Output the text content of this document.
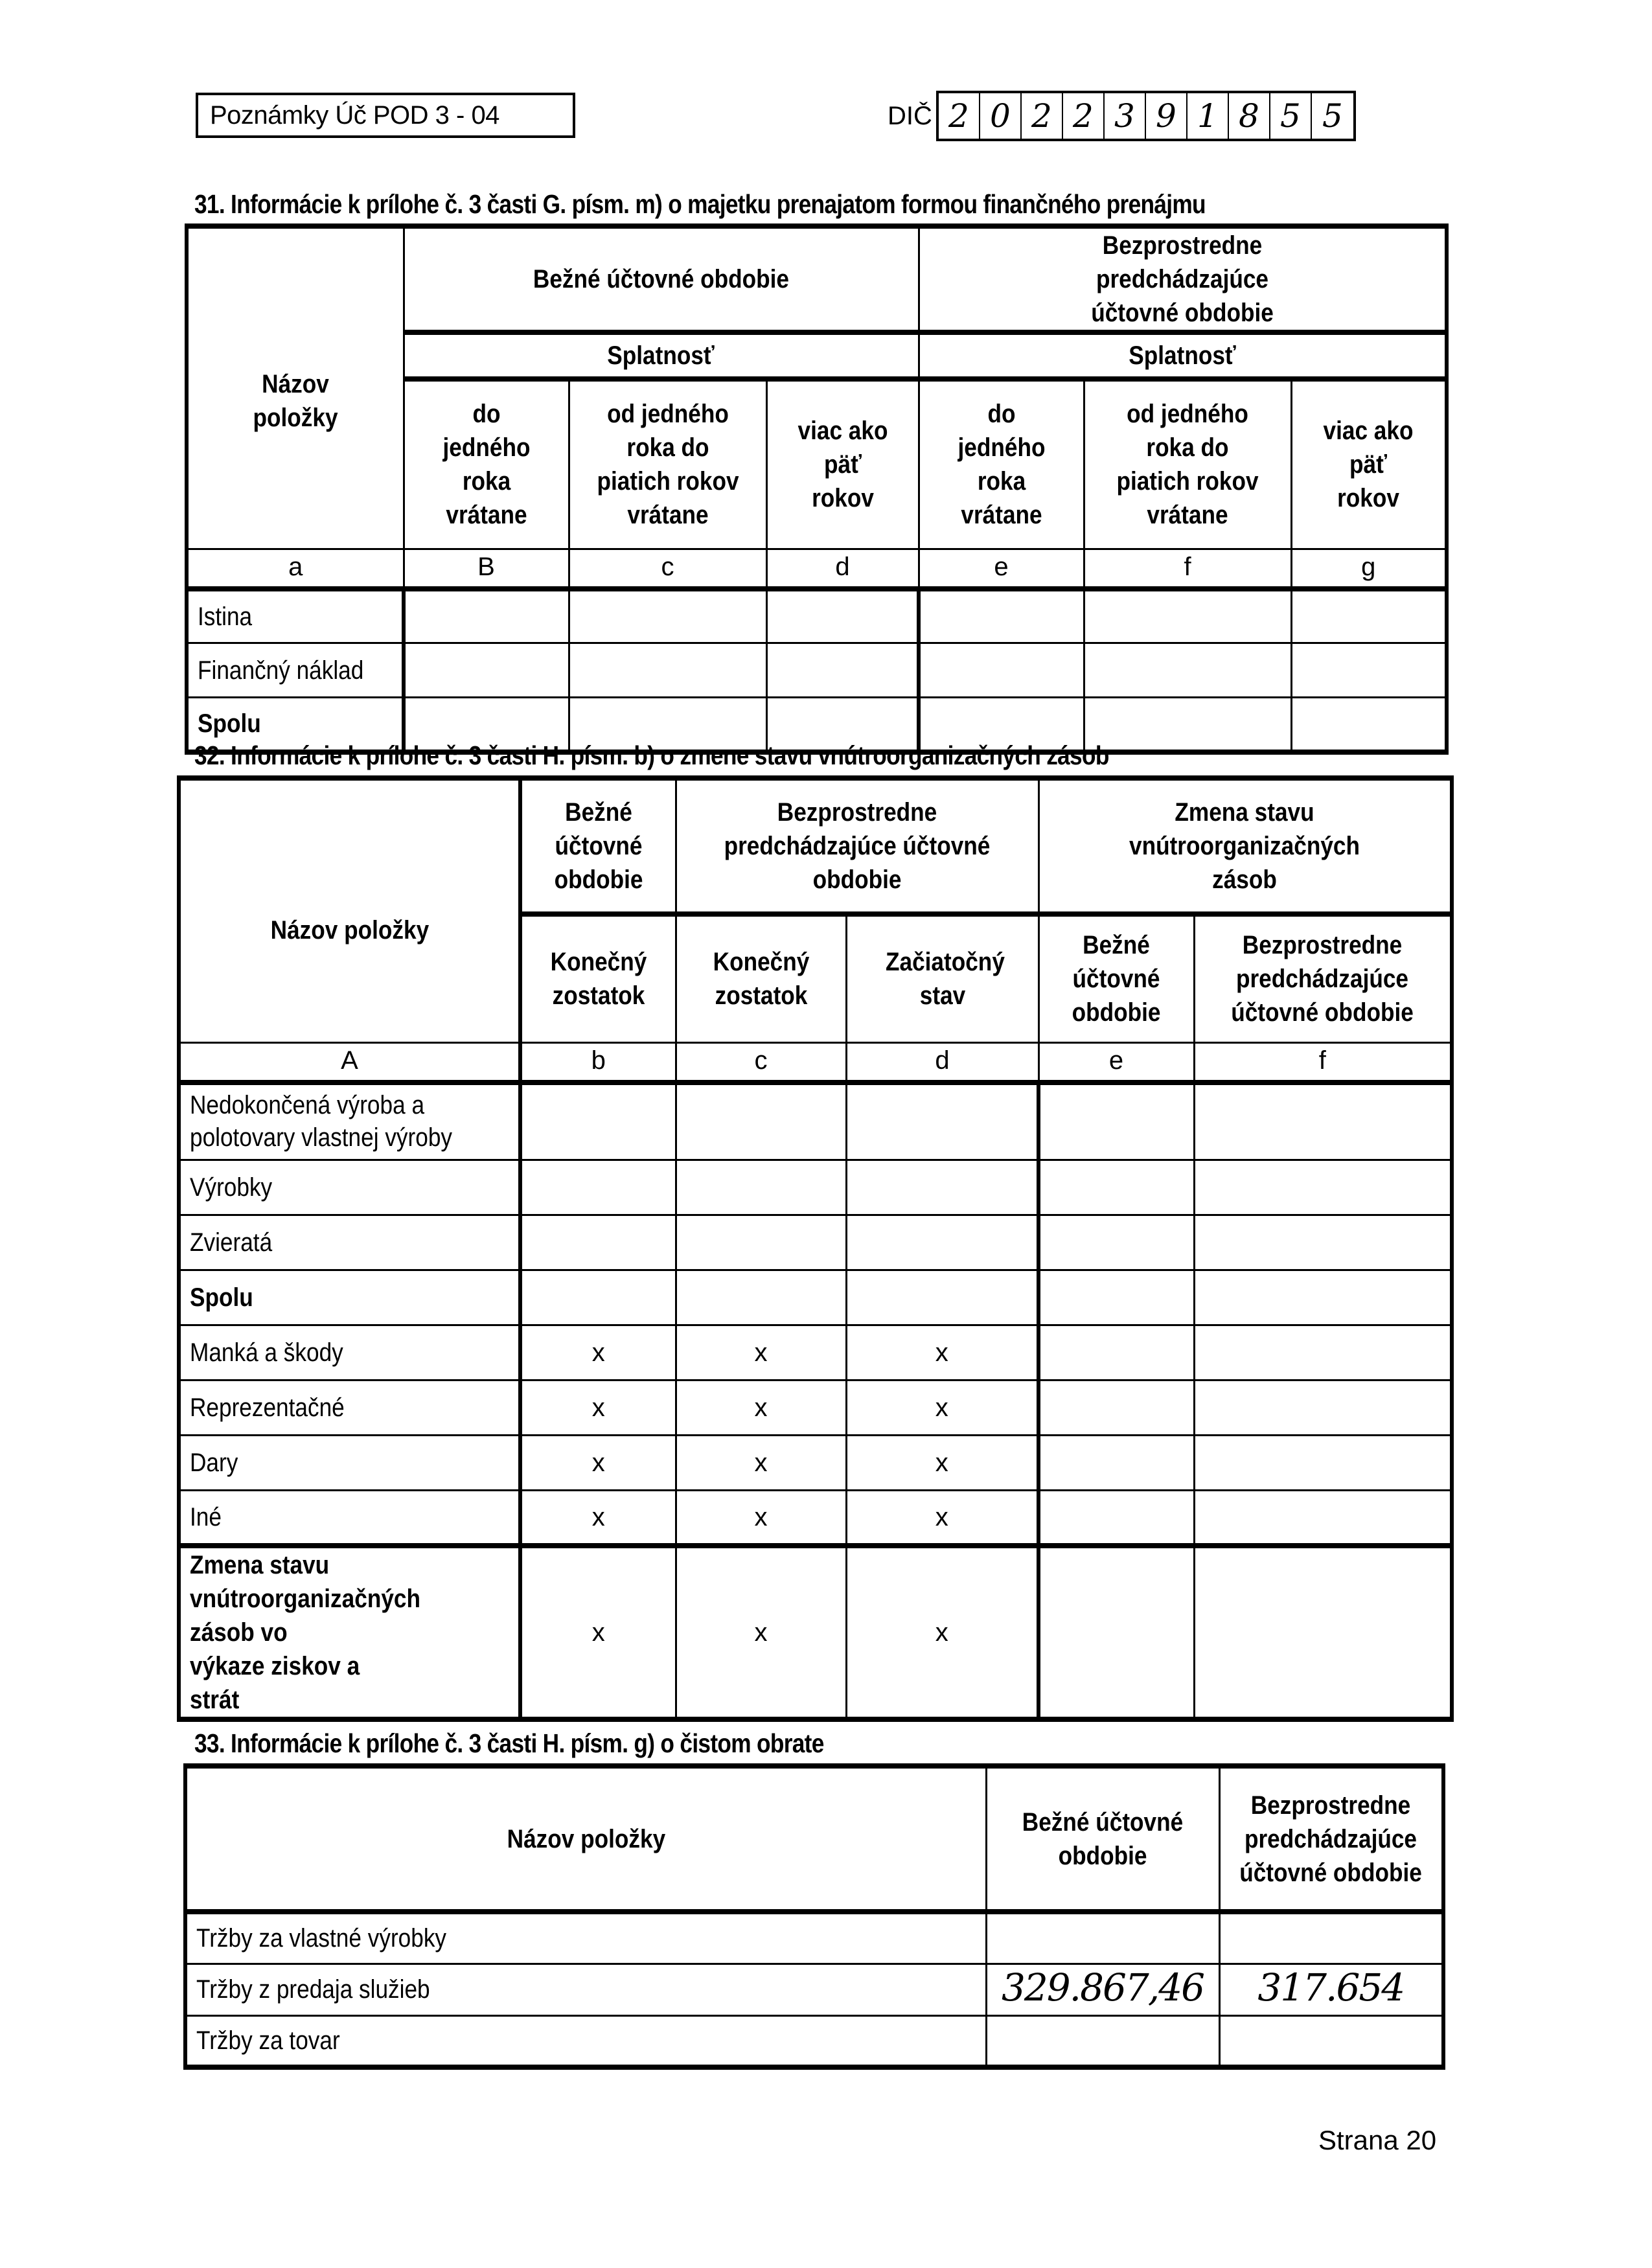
Poznámky Úč POD 3 - 04	DIČ 2 0 2 2 3 9 1 8 5 5
31. Informácie k prílohe č. 3 časti G. písm. m) o majetku prenajatom formou finančného prenájmu
Názov položky	Bežné účtovné obdobie			Bezprostredne predchádzajúce účtovné obdobie		
	Splatnosť			Splatnosť		
	do jedného roka vrátane	od jedného roka do piatich rokov vrátane	viac ako päť rokov	do jedného roka vrátane	od jedného roka do piatich rokov vrátane	viac ako päť rokov
a	B	c	d	e	f	g
Istina						
Finančný náklad						
Spolu						
32. Informácie k prílohe č. 3 časti H. písm. b) o zmene stavu vnútroorganizačných zásob
Názov položky	Bežné účtovné obdobie	Bezprostredne predchádzajúce účtovné obdobie		Zmena stavu vnútroorganizačných zásob	
	Konečný zostatok	Konečný zostatok	Začiatočný stav	Bežné účtovné obdobie	Bezprostredne predchádzajúce účtovné obdobie

A	b	c	d	e	f
Nedokončená výroba a polotovary vlastnej výroby					
Výrobky					
Zvieratá					
Spolu					
Manká a škody	x	x	x		
Reprezentačné	x	x	x		
Dary	x	x	x		
Iné	x	x	x		
Zmena stavu vnútroorganizačných zásob vo výkaze ziskov a strát	x	x	x		
33. Informácie k prílohe č. 3 časti H. písm. g) o čistom obrate
Názov položky	Bežné účtovné obdobie	Bezprostredne predchádzajúce účtovné obdobie
Tržby za vlastné výrobky		
Tržby z predaja služieb	329.867,46	317.654
Tržby za tovar		
Strana 20
